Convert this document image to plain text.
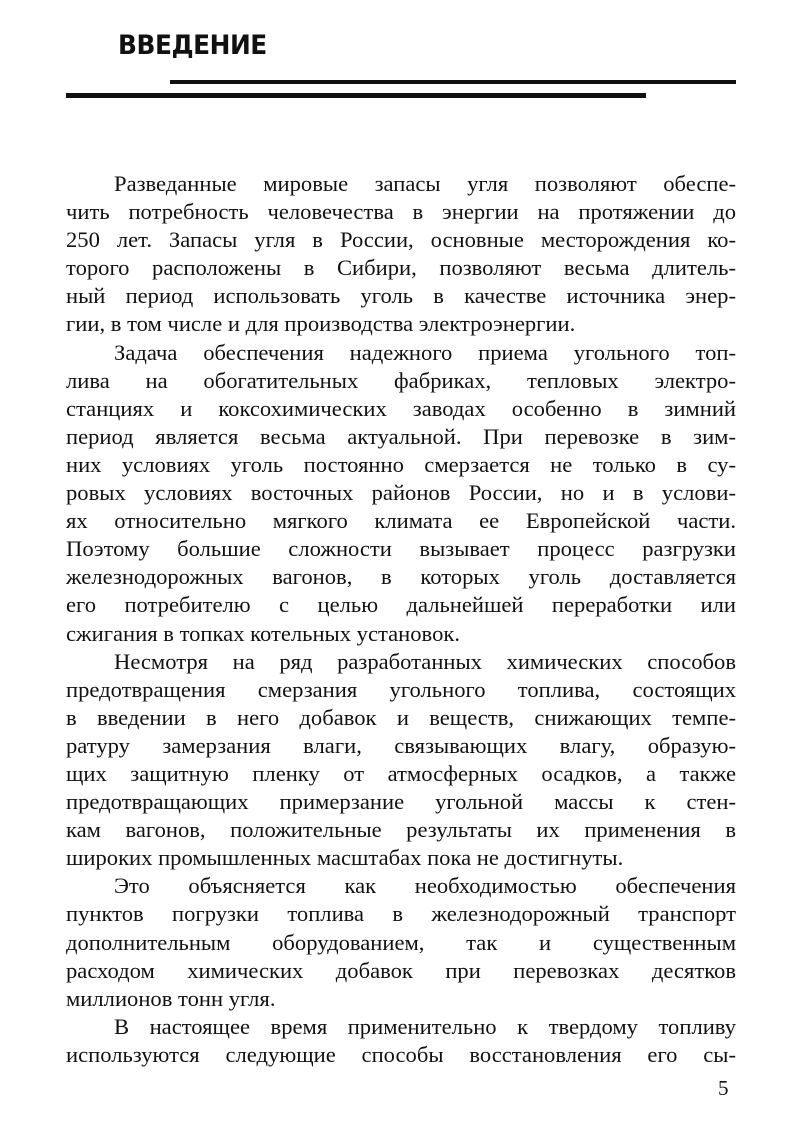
ВВЕДЕНИЕ
Разведанные мировые запасы угля позволяют обеспе-
чить потребность человечества в энергии на протяжении до
250 лет. Запасы угля в России, основные месторождения ко-
торого расположены в Сибири, позволяют весьма длитель-
ный период использовать уголь в качестве источника энер-
гии, в том числе и для производства электроэнергии.
Задача обеспечения надежного приема угольного топ-
лива на обогатительных фабриках, тепловых электро-
станциях и коксохимических заводах особенно в зимний
период является весьма актуальной. При перевозке в зим-
них условиях уголь постоянно смерзается не только в су-
ровых условиях восточных районов России, но и в услови-
ях относительно мягкого климата ее Европейской части.
Поэтому большие сложности вызывает процесс разгрузки
железнодорожных вагонов, в которых уголь доставляется
его потребителю с целью дальнейшей переработки или
сжигания в топках котельных установок.
Несмотря на ряд разработанных химических способов
предотвращения смерзания угольного топлива, состоящих
в введении в него добавок и веществ, снижающих темпе-
ратуру замерзания влаги, связывающих влагу, образую-
щих защитную пленку от атмосферных осадков, а также
предотвращающих примерзание угольной массы к стен-
кам вагонов, положительные результаты их применения в
широких промышленных масштабах пока не достигнуты.
Это объясняется как необходимостью обеспечения
пунктов погрузки топлива в железнодорожный транспорт
дополнительным оборудованием, так и существенным
расходом химических добавок при перевозках десятков
миллионов тонн угля.
В настоящее время применительно к твердому топливу
используются следующие способы восстановления его сы-
5
